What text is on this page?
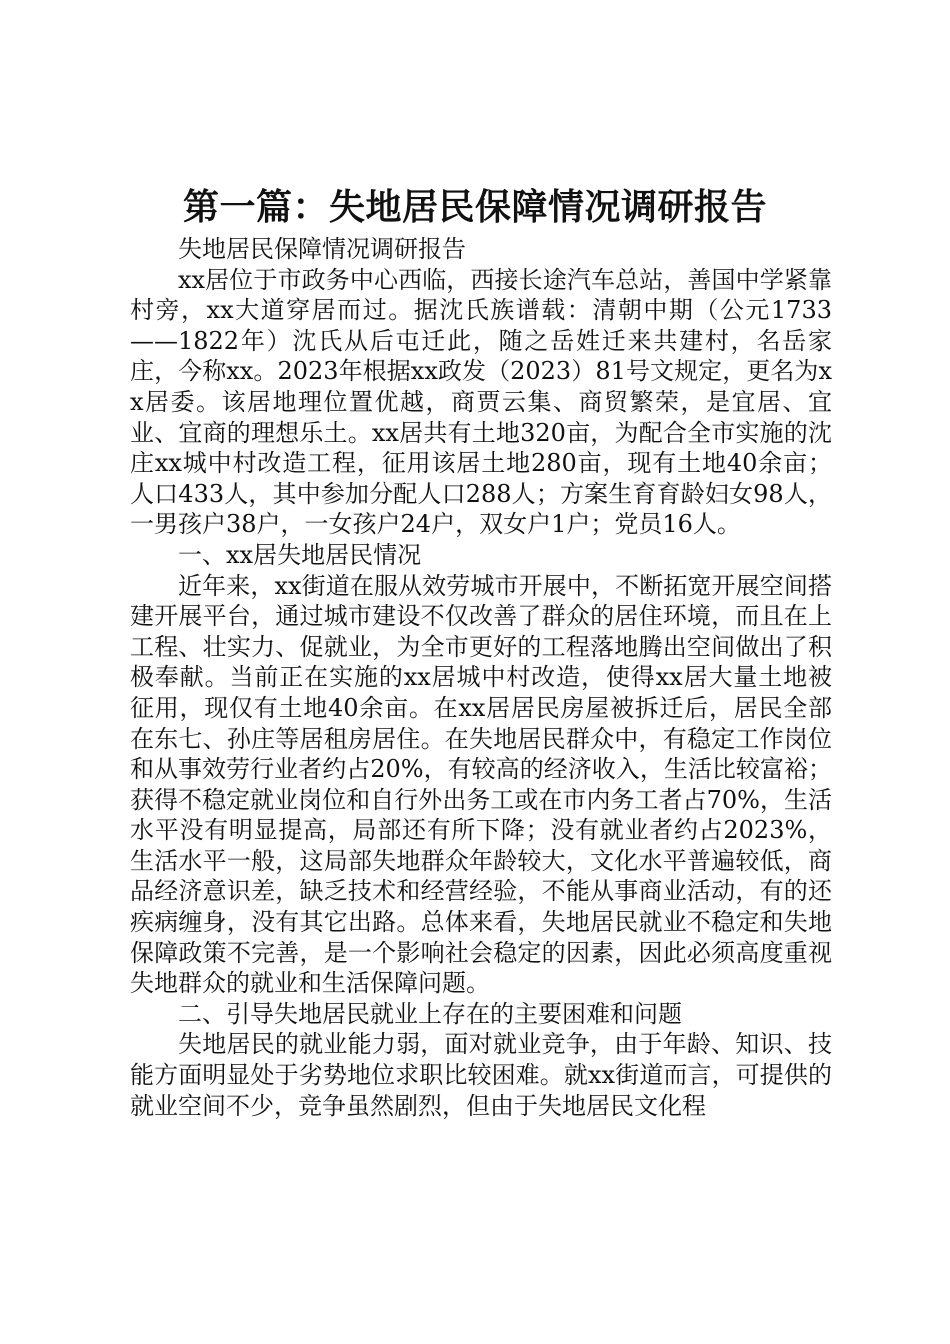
第一篇：失地居民保障情况调研报告

失地居民保障情况调研报告

xx居位于市政务中心西临，西接长途汽车总站，善国中学紧靠村旁，xx大道穿居而过。据沈氏族谱载：清朝中期（公元1733——1822年）沈氏从后屯迁此，随之岳姓迁来共建村，名岳家庄，今称xx。2023年根据xx政发（2023）81号文规定，更名为xx居委。该居地理位置优越，商贾云集、商贸繁荣，是宜居、宜业、宜商的理想乐土。xx居共有土地320亩，为配合全市实施的沈庄xx城中村改造工程，征用该居土地280亩，现有土地40余亩；人口433人，其中参加分配人口288人；方案生育育龄妇女98人，一男孩户38户，一女孩户24户，双女户1户；党员16人。

一、xx居失地居民情况

近年来，xx街道在服从效劳城市开展中，不断拓宽开展空间搭建开展平台，通过城市建设不仅改善了群众的居住环境，而且在上工程、壮实力、促就业，为全市更好的工程落地腾出空间做出了积极奉献。当前正在实施的xx居城中村改造，使得xx居大量土地被征用，现仅有土地40余亩。在xx居居民房屋被拆迁后，居民全部在东七、孙庄等居租房居住。在失地居民群众中，有稳定工作岗位和从事效劳行业者约占20%，有较高的经济收入，生活比较富裕；获得不稳定就业岗位和自行外出务工或在市内务工者占70%，生活水平没有明显提高，局部还有所下降；没有就业者约占2023%，生活水平一般，这局部失地群众年龄较大，文化水平普遍较低，商品经济意识差，缺乏技术和经营经验，不能从事商业活动，有的还疾病缠身，没有其它出路。总体来看，失地居民就业不稳定和失地保障政策不完善，是一个影响社会稳定的因素，因此必须高度重视失地群众的就业和生活保障问题。

二、引导失地居民就业上存在的主要困难和问题

失地居民的就业能力弱，面对就业竞争，由于年龄、知识、技能方面明显处于劣势地位求职比较困难。就xx街道而言，可提供的就业空间不少，竞争虽然剧烈，但由于失地居民文化程
